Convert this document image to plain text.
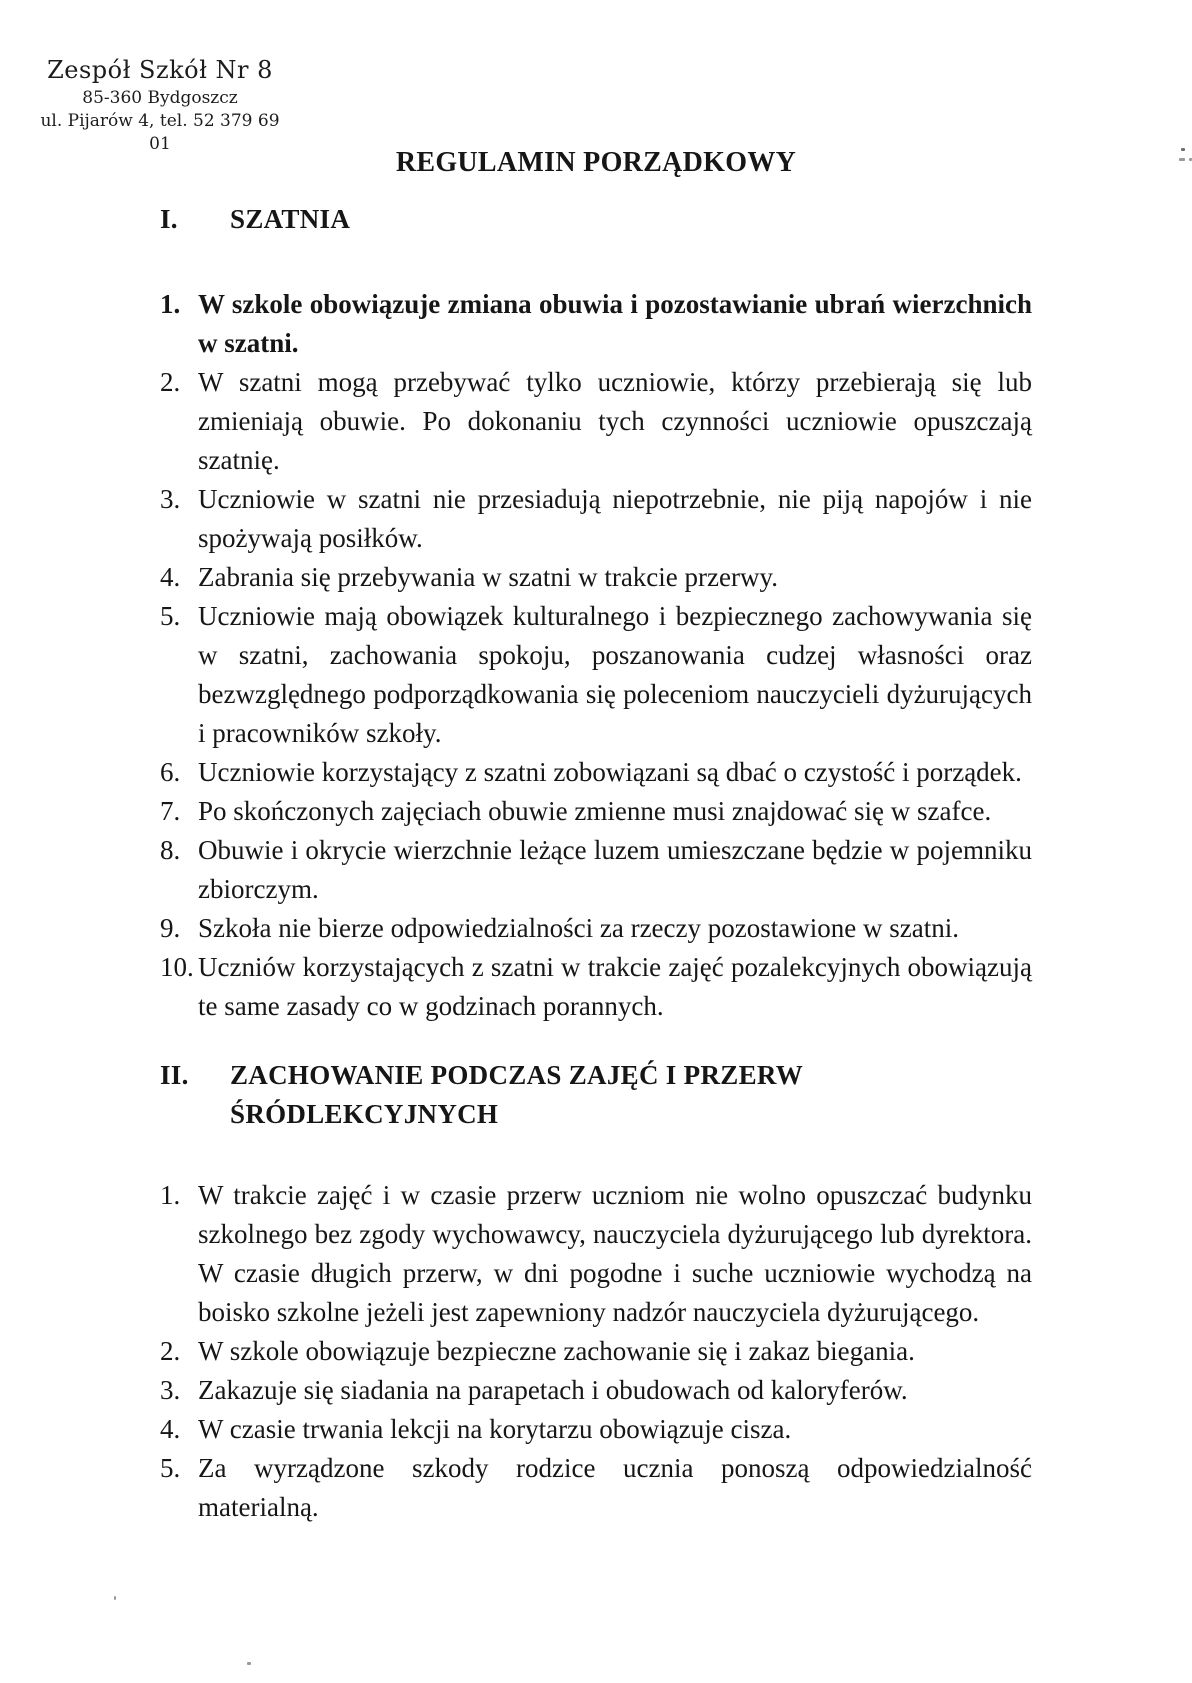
Zespół Szkół Nr 8
85-360 Bydgoszcz
ul. Pijarów 4, tel. 52 379 69 01
REGULAMIN PORZĄDKOWY
I.	SZATNIA
1. W szkole obowiązuje zmiana obuwia i pozostawianie ubrań wierzchnich w szatni.
2. W szatni mogą przebywać tylko uczniowie, którzy przebierają się lub zmieniają obuwie. Po dokonaniu tych czynności uczniowie opuszczają szatnię.
3. Uczniowie w szatni nie przesiadują niepotrzebnie, nie piją napojów i nie spożywają posiłków.
4. Zabrania się przebywania w szatni w trakcie przerwy.
5. Uczniowie mają obowiązek kulturalnego i bezpiecznego zachowywania się w szatni, zachowania spokoju, poszanowania cudzej własności oraz bezwzględnego podporządkowania się poleceniom nauczycieli dyżurujących i pracowników szkoły.
6. Uczniowie korzystający z szatni zobowiązani są dbać o czystość i porządek.
7. Po skończonych zajęciach obuwie zmienne musi znajdować się w szafce.
8. Obuwie i okrycie wierzchnie leżące luzem umieszczane będzie w pojemniku zbiorczym.
9. Szkoła nie bierze odpowiedzialności za rzeczy pozostawione w szatni.
10. Uczniów korzystających z szatni w trakcie zajęć pozalekcyjnych obowiązują te same zasady co w godzinach porannych.
II.	ZACHOWANIE PODCZAS ZAJĘĆ I PRZERW
ŚRÓDLEKCYJNYCH
1. W trakcie zajęć i w czasie przerw uczniom nie wolno opuszczać budynku szkolnego bez zgody wychowawcy, nauczyciela dyżurującego lub dyrektora. W czasie długich przerw, w dni pogodne i suche uczniowie wychodzą na boisko szkolne jeżeli jest zapewniony nadzór nauczyciela dyżurującego.
2. W szkole obowiązuje bezpieczne zachowanie się i zakaz biegania.
3. Zakazuje się siadania na parapetach i obudowach od kaloryferów.
4. W czasie trwania lekcji na korytarzu obowiązuje cisza.
5. Za wyrządzone szkody rodzice ucznia ponoszą odpowiedzialność materialną.
